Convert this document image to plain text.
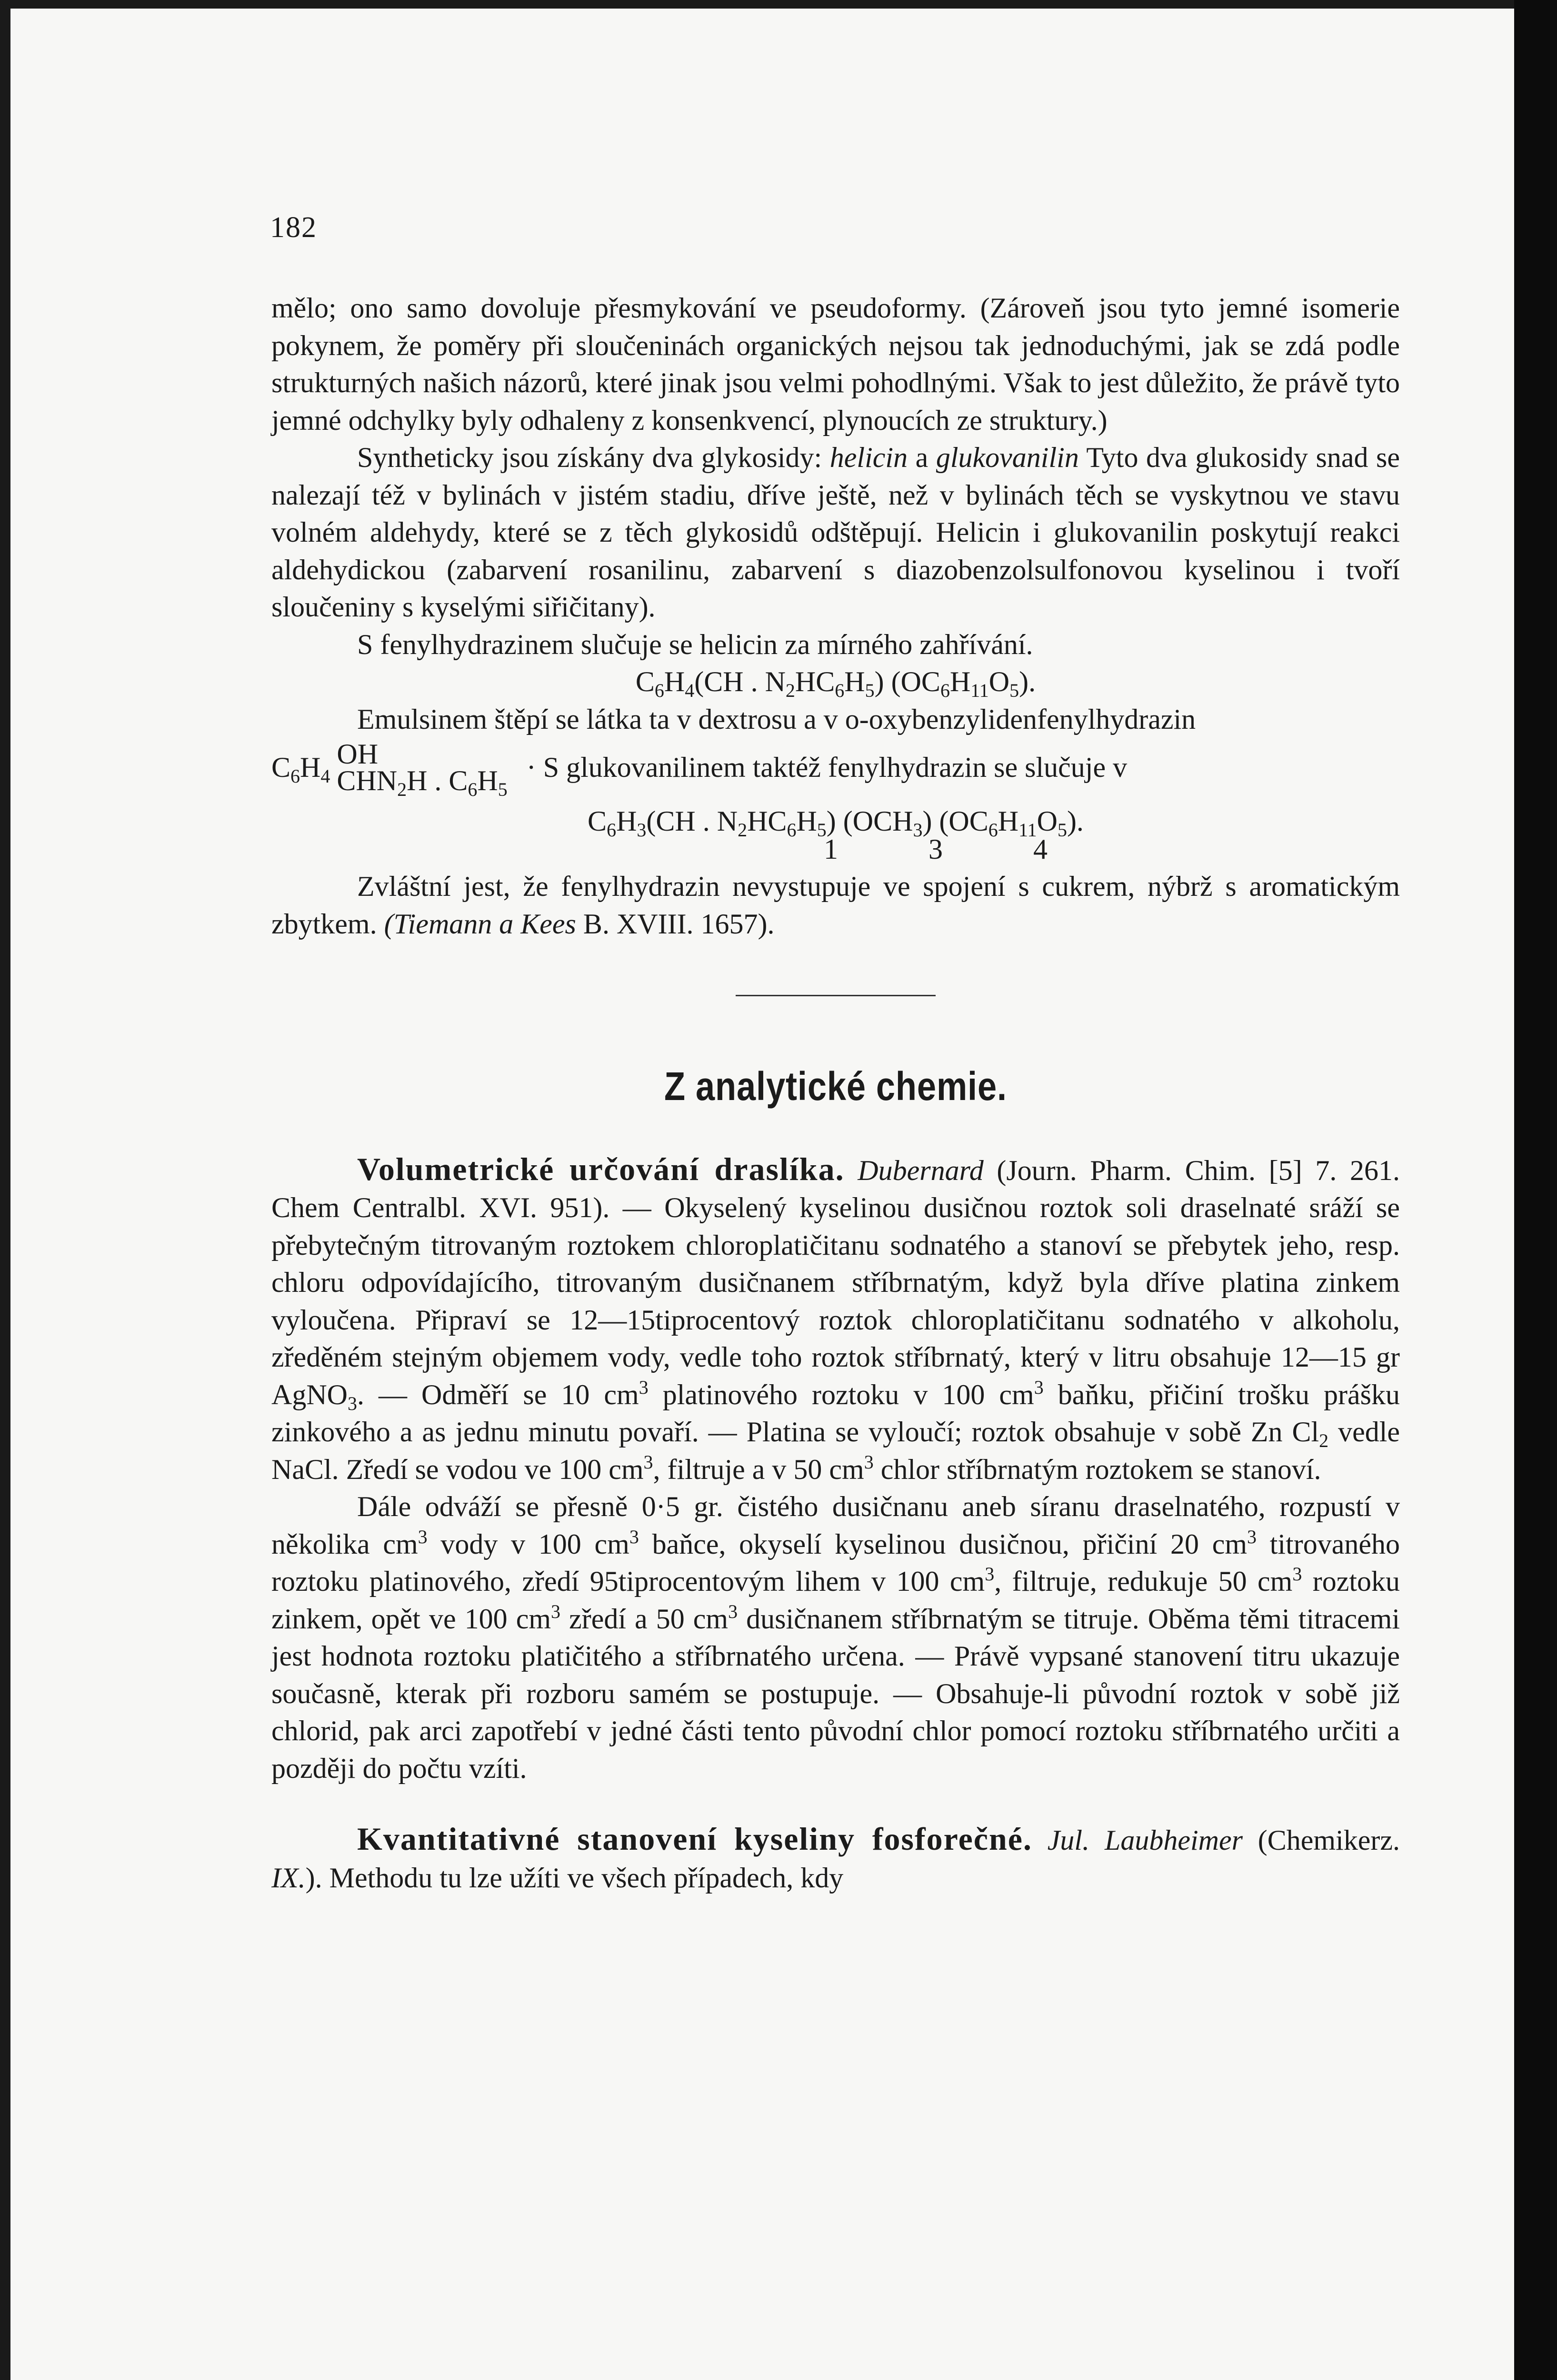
182

mělo; ono samo dovoluje přesmykování ve pseudoformy. (Zároveň jsou tyto jemné isomerie pokynem, že poměry při sloučeninách organických nejsou tak jednoduchými, jak se zdá podle strukturných našich názorů, které jinak jsou velmi pohodlnými. Však to jest důležito, že právě tyto jemné odchylky byly odhaleny z konsenkvencí, plynoucích ze struktury.)

Syntheticky jsou získány dva glykosidy: helicin a glukovanilin Tyto dva glukosidy snad se nalezají též v bylinách v jistém stadiu, dříve ještě, než v bylinách těch se vyskytnou ve stavu volném aldehydy, které se z těch glykosidů odštěpují. Helicin i glukovanilin poskytují reakci aldehydickou (zabarvení rosanilinu, zabarvení s diazobenzolsulfonovou kyselinou i tvoří sloučeniny s kyselými siřičitany).

S fenylhydrazinem slučuje se helicin za mírného zahřívání.

$C_6H_4(CH$ . $N_2HC_6H_5$) $(OC_6H_{11}O_5)$.

Emulsinem štěpí se látka ta v dextrosu a v o-oxybenzylidenfenylhydrazin

$C_6H_4$
OH
$CHN_2H$ . $C_6H_5$
· S glukovanilinem taktéž fenylhydrazin se slučuje v

$C_6H_3(CH$ . $N_2HC_6H_5$) $(OCH_3)$ $(OC_6H_{11}O_5)$.

1	3	4

Zvláštní jest, že fenylhydrazin nevystupuje ve spojení s cukrem, nýbrž s aromatickým zbytkem. (Tiemann a Kees B. XVIII. 1657).

Z analytické chemie.

Volumetrické určování draslíka. Dubernard (Journ. Pharm. Chim. [5] 7. 261. Chem Centralbl. XVI. 951). — Okyselený kyselinou dusičnou roztok soli draselnaté sráží se přebytečným titrovaným roztokem chloroplatičitanu sodnatého a stanoví se přebytek jeho, resp. chloru odpovídajícího, titrovaným dusičnanem stříbrnatým, když byla dříve platina zinkem vyloučena. Připraví se 12—15tiprocentový roztok chloroplatičitanu sodnatého v alkoholu, zředěném stejným objemem vody, vedle toho roztok stříbrnatý, který v litru obsahuje 12—15 gr AgNO$_3$. — Odměří se 10 $cm^3$ platinového roztoku v 100 $cm^3$ baňku, přičiní trošku prášku zinkového a as jednu minutu povaří. — Platina se vyloučí; roztok obsahuje v sobě Zn $Cl_2$ vedle NaCl. Zředí se vodou ve 100 $cm^3$, filtruje a v 50 $cm^3$ chlor stříbrnatým roztokem se stanoví.

Dále odváží se přesně 0·5 gr. čistého dusičnanu aneb síranu draselnatého, rozpustí v několika $cm^3$ vody v 100 $cm^3$ baňce, okyselí kyselinou dusičnou, přičiní 20 $cm^3$ titrovaného roztoku platinového, zředí 95tiprocentovým lihem v 100 $cm^3$, filtruje, redukuje 50 $cm^3$ roztoku zinkem, opět ve 100 $cm^3$ zředí a 50 $cm^3$ dusičnanem stříbrnatým se titruje. Oběma těmi titracemi jest hodnota roztoku platičitého a stříbrnatého určena. — Právě vypsané stanovení titru ukazuje současně, kterak při rozboru samém se postupuje. — Obsahuje-li původní roztok v sobě již chlorid, pak arci zapotřebí v jedné části tento původní chlor pomocí roztoku stříbrnatého určiti a později do počtu vzíti.

Kvantitativné stanovení kyseliny fosforečné. Jul. Laubheimer (Chemikerz. IX.). Methodu tu lze užíti ve všech případech, kdy
